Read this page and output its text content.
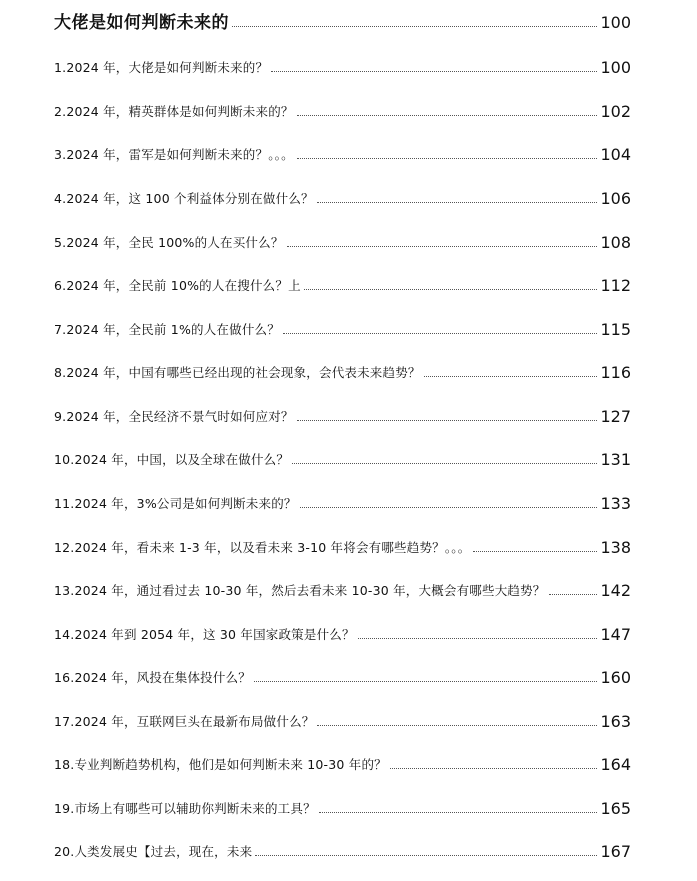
大佬是如何判断未来的	100
1.2024 年，大佬是如何判断未来的？	100
2.2024 年，精英群体是如何判断未来的？	102
3.2024 年，雷军是如何判断未来的？。。。	104
4.2024 年，这 100 个利益体分别在做什么？	106
5.2024 年，全民 100%的人在买什么？	108
6.2024 年，全民前 10%的人在搜什么？上	112
7.2024 年，全民前 1%的人在做什么？	115
8.2024 年，中国有哪些已经出现的社会现象，会代表未来趋势？	116
9.2024 年，全民经济不景气时如何应对？	127
10.2024 年，中国，以及全球在做什么？	131
11.2024 年，3%公司是如何判断未来的？	133
12.2024 年，看未来 1-3 年，以及看未来 3-10 年将会有哪些趋势？。。。	138
13.2024 年，通过看过去 10-30 年，然后去看未来 10-30 年，大概会有哪些大趋势？	142
14.2024 年到 2054 年，这 30 年国家政策是什么？	147
16.2024 年，风投在集体投什么？	160
17.2024 年，互联网巨头在最新布局做什么？	163
18.专业判断趋势机构，他们是如何判断未来 10-30 年的？	164
19.市场上有哪些可以辅助你判断未来的工具？	165
20.人类发展史【过去，现在，未来	167
